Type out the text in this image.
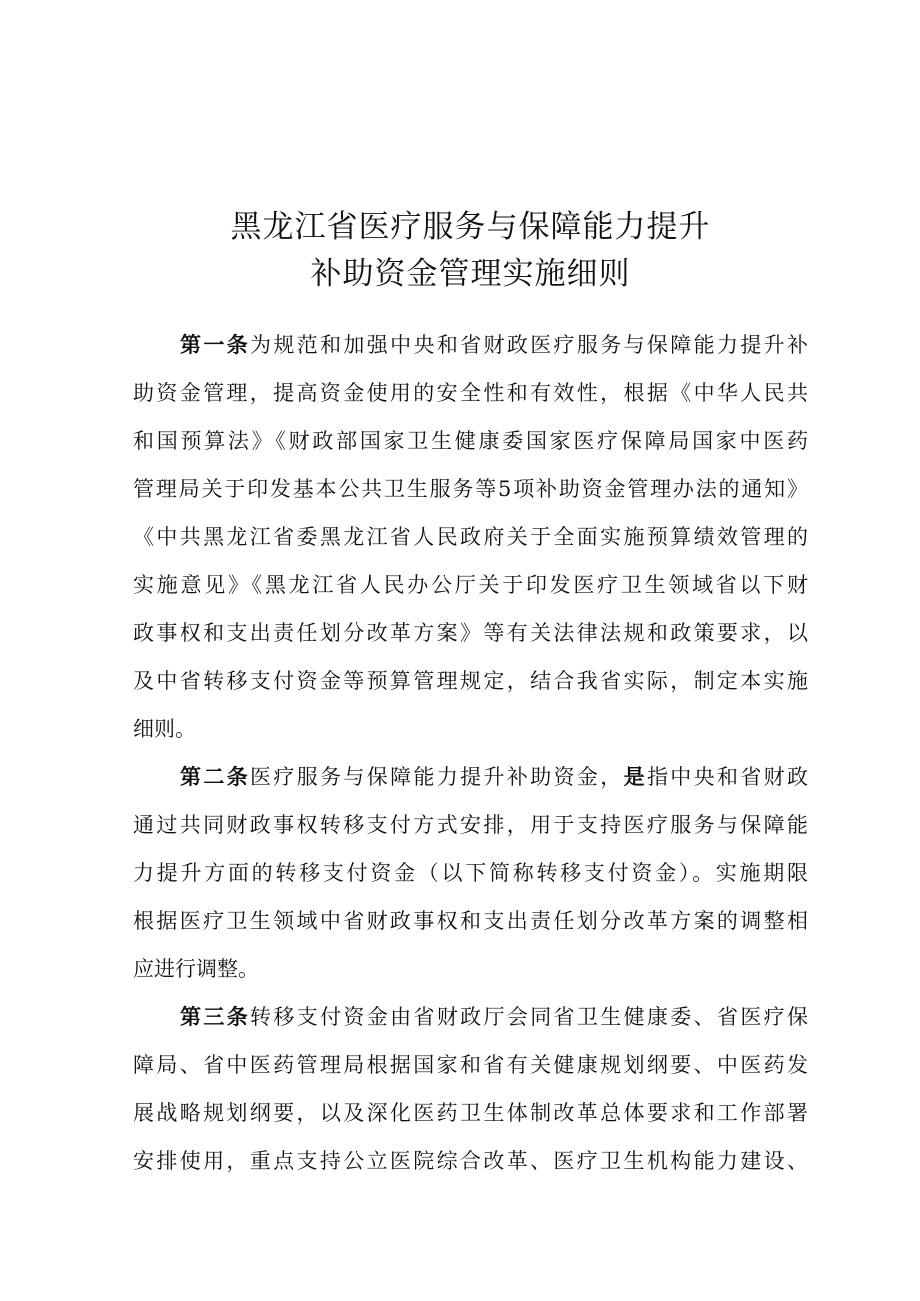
黑龙江省医疗服务与保障能力提升
补助资金管理实施细则
第一条为规范和加强中央和省财政医疗服务与保障能力提升补
助资金管理，提高资金使用的安全性和有效性，根据《中华人民共
和国预算法》《财政部国家卫生健康委国家医疗保障局国家中医药
管理局关于印发基本公共卫生服务等5项补助资金管理办法的通知》
《中共黑龙江省委黑龙江省人民政府关于全面实施预算绩效管理的
实施意见》《黑龙江省人民办公厅关于印发医疗卫生领域省以下财
政事权和支出责任划分改革方案》等有关法律法规和政策要求，以
及中省转移支付资金等预算管理规定，结合我省实际，制定本实施
细则。
第二条医疗服务与保障能力提升补助资金，是指中央和省财政
通过共同财政事权转移支付方式安排，用于支持医疗服务与保障能
力提升方面的转移支付资金（以下简称转移支付资金）。实施期限
根据医疗卫生领域中省财政事权和支出责任划分改革方案的调整相
应进行调整。
第三条转移支付资金由省财政厅会同省卫生健康委、省医疗保
障局、省中医药管理局根据国家和省有关健康规划纲要、中医药发
展战略规划纲要，以及深化医药卫生体制改革总体要求和工作部署
安排使用，重点支持公立医院综合改革、医疗卫生机构能力建设、
